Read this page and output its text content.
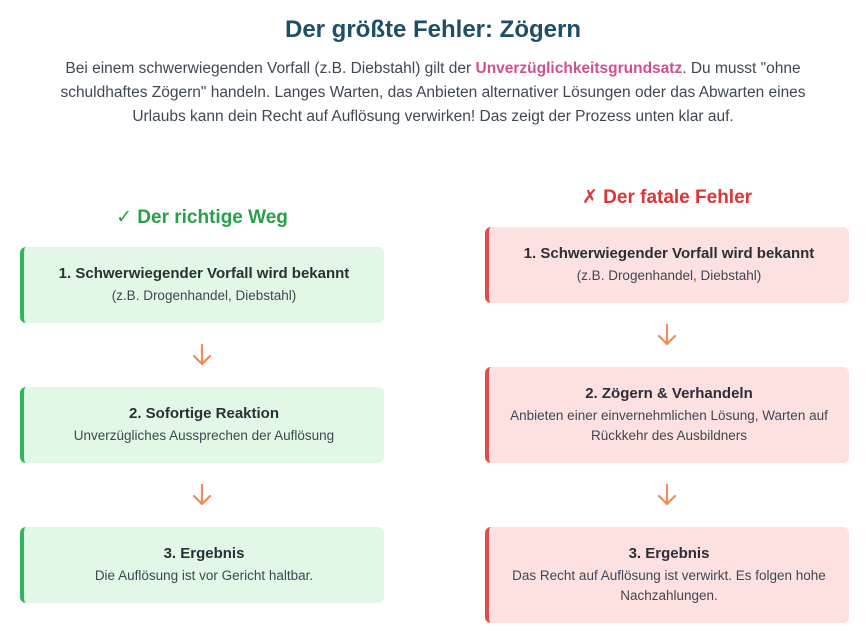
Der größte Fehler: Zögern

Bei einem schwerwiegenden Vorfall (z.B. Diebstahl) gilt der Unverzüglichkeitsgrundsatz. Du musst "ohne schuldhaftes Zögern" handeln. Langes Warten, das Anbieten alternativer Lösungen oder das Abwarten eines Urlaubs kann dein Recht auf Auflösung verwirken! Das zeigt der Prozess unten klar auf.

✓ Der richtige Weg
1. Schwerwiegender Vorfall wird bekannt
(z.B. Drogenhandel, Diebstahl)
2. Sofortige Reaktion
Unverzügliches Aussprechen der Auflösung
3. Ergebnis
Die Auflösung ist vor Gericht haltbar.
✗ Der fatale Fehler
1. Schwerwiegender Vorfall wird bekannt
(z.B. Drogenhandel, Diebstahl)
2. Zögern & Verhandeln
Anbieten einer einvernehmlichen Lösung, Warten auf Rückkehr des Ausbildners
3. Ergebnis
Das Recht auf Auflösung ist verwirkt. Es folgen hohe Nachzahlungen.
